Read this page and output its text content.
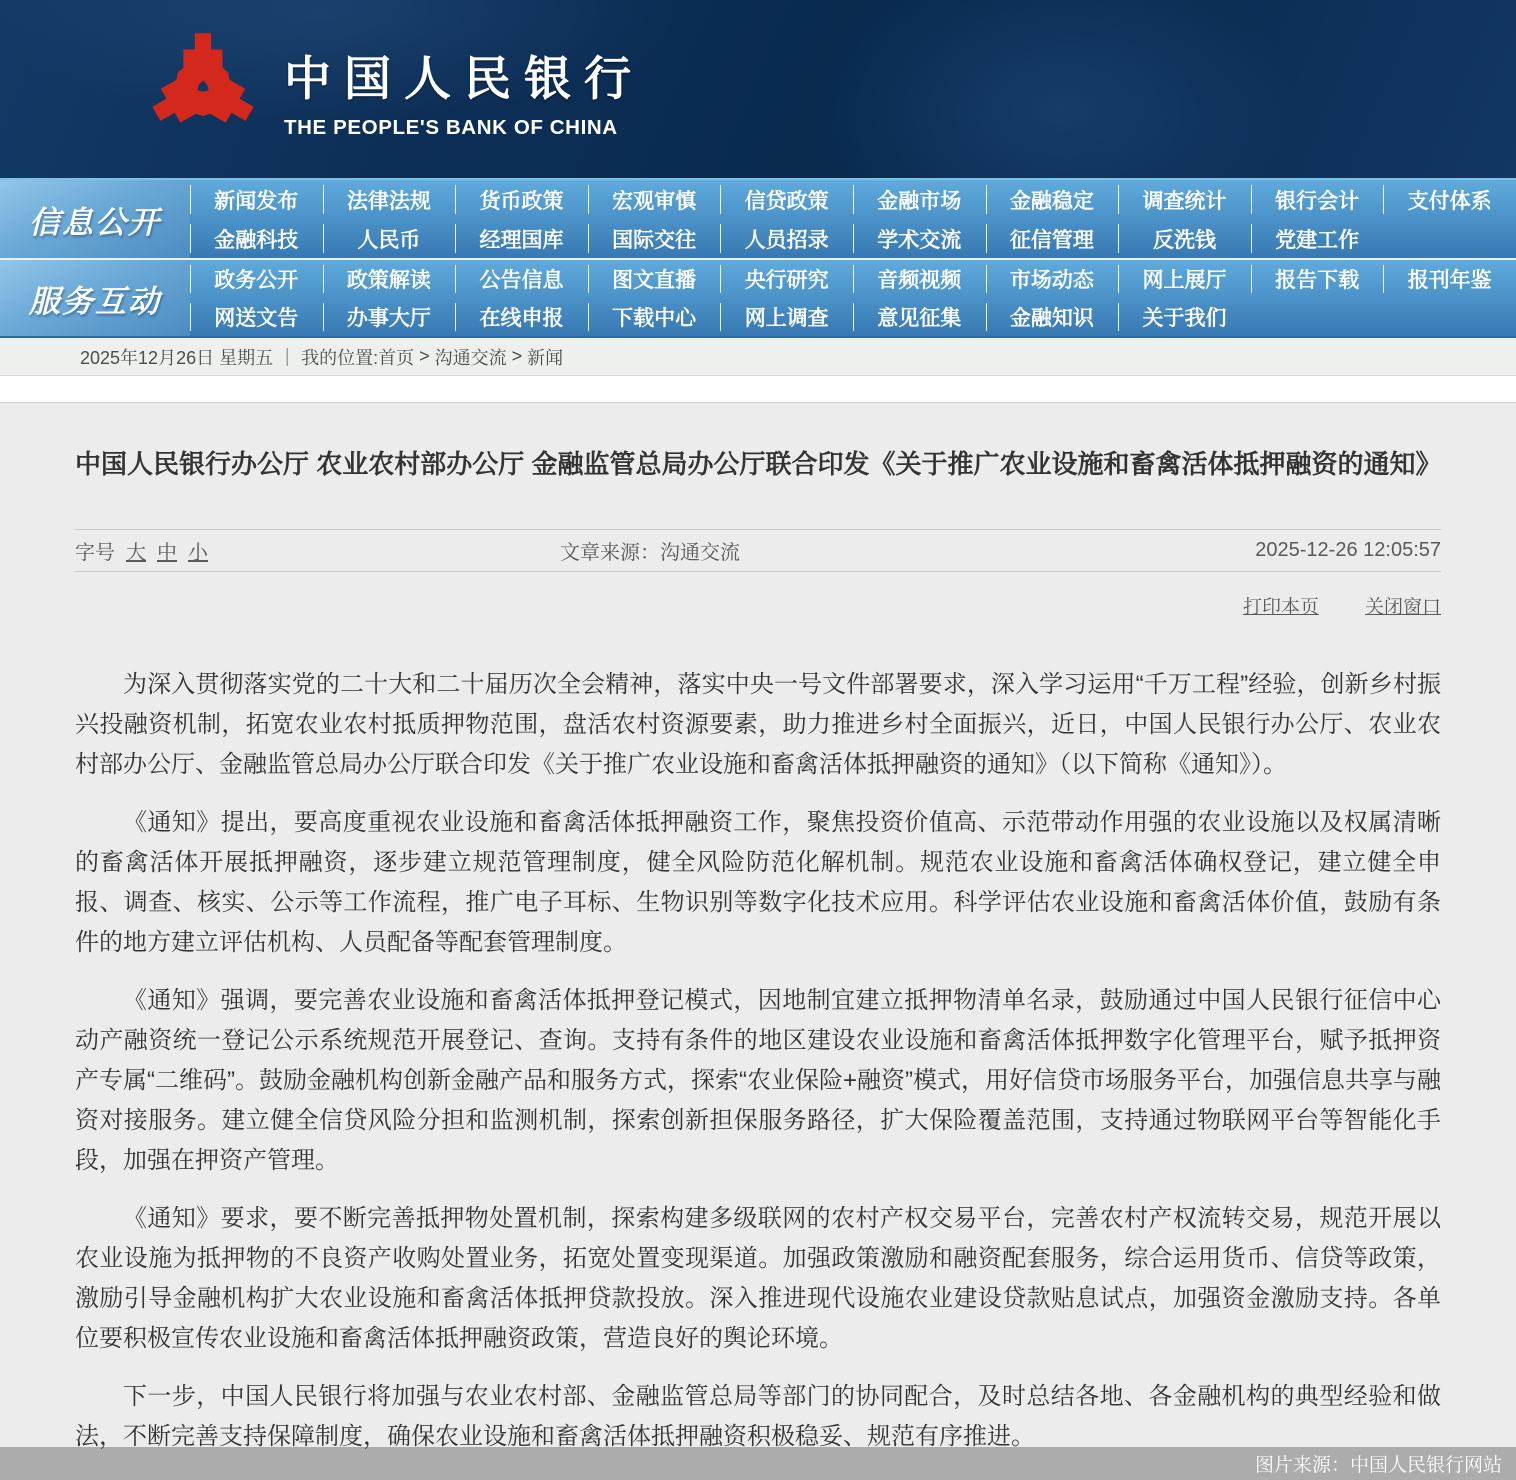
中国人民银行
THE PEOPLE'S BANK OF CHINA
信息公开
新闻发布	法律法规	货币政策	宏观审慎	信贷政策	金融市场	金融稳定	调查统计	银行会计	支付体系
金融科技	人民币	经理国库	国际交往	人员招录	学术交流	征信管理	反洗钱	党建工作
服务互动
政务公开	政策解读	公告信息	图文直播	央行研究	音频视频	市场动态	网上展厅	报告下载	报刊年鉴
网送文告	办事大厅	在线申报	下载中心	网上调查	意见征集	金融知识	关于我们
2025年12月26日 星期五 ｜ 我的位置: 首页 > 沟通交流 > 新闻
中国人民银行办公厅 农业农村部办公厅 金融监管总局办公厅联合印发《关于推广农业设施和畜禽活体抵押融资的通知》
字号 大 中 小	文章来源：沟通交流	2025-12-26 12:05:57
打印本页 关闭窗口

为深入贯彻落实党的二十大和二十届历次全会精神，落实中央一号文件部署要求，深入学习运用“千万工程”经验，创新乡村振兴投融资机制，拓宽农业农村抵质押物范围，盘活农村资源要素，助力推进乡村全面振兴，近日，中国人民银行办公厅、农业农村部办公厅、金融监管总局办公厅联合印发《关于推广农业设施和畜禽活体抵押融资的通知》（以下简称《通知》）。

《通知》提出，要高度重视农业设施和畜禽活体抵押融资工作，聚焦投资价值高、示范带动作用强的农业设施以及权属清晰的畜禽活体开展抵押融资，逐步建立规范管理制度，健全风险防范化解机制。规范农业设施和畜禽活体确权登记，建立健全申报、调查、核实、公示等工作流程，推广电子耳标、生物识别等数字化技术应用。科学评估农业设施和畜禽活体价值，鼓励有条件的地方建立评估机构、人员配备等配套管理制度。

《通知》强调，要完善农业设施和畜禽活体抵押登记模式，因地制宜建立抵押物清单名录，鼓励通过中国人民银行征信中心动产融资统一登记公示系统规范开展登记、查询。支持有条件的地区建设农业设施和畜禽活体抵押数字化管理平台，赋予抵押资产专属“二维码”。鼓励金融机构创新金融产品和服务方式，探索“农业保险+融资”模式，用好信贷市场服务平台，加强信息共享与融资对接服务。建立健全信贷风险分担和监测机制，探索创新担保服务路径，扩大保险覆盖范围，支持通过物联网平台等智能化手段，加强在押资产管理。

《通知》要求，要不断完善抵押物处置机制，探索构建多级联网的农村产权交易平台，完善农村产权流转交易，规范开展以农业设施为抵押物的不良资产收购处置业务，拓宽处置变现渠道。加强政策激励和融资配套服务，综合运用货币、信贷等政策，激励引导金融机构扩大农业设施和畜禽活体抵押贷款投放。深入推进现代设施农业建设贷款贴息试点，加强资金激励支持。各单位要积极宣传农业设施和畜禽活体抵押融资政策，营造良好的舆论环境。

下一步，中国人民银行将加强与农业农村部、金融监管总局等部门的协同配合，及时总结各地、各金融机构的典型经验和做法，不断完善支持保障制度，确保农业设施和畜禽活体抵押融资积极稳妥、规范有序推进。

图片来源：中国人民银行网站
